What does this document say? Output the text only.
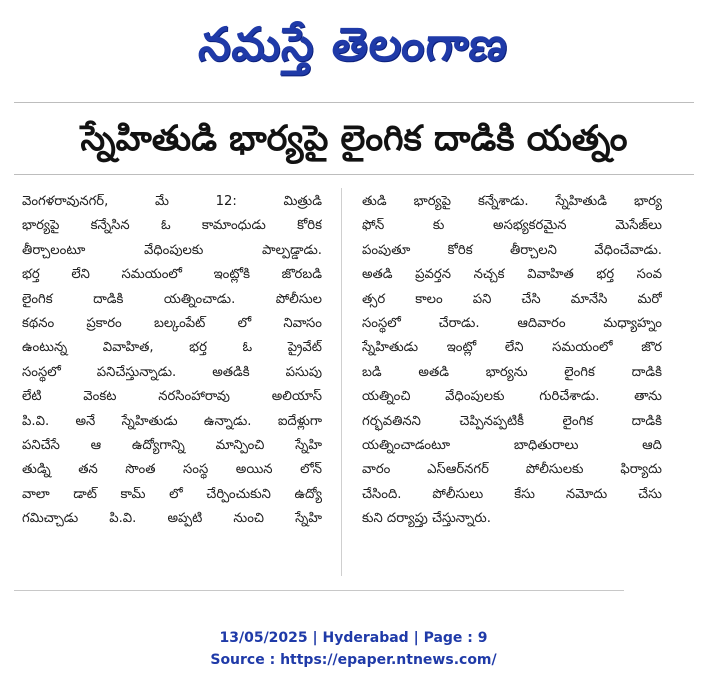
నమస్తే తెలంగాణ
స్నేహితుడి భార్యపై లైంగిక దాడికి యత్నం
వెంగళరావునగర్, మే 12: మిత్రుడి
భార్యపై కన్నేసిన ఓ కామాంధుడు కోరిక
తీర్చాలంటూ వేధింపులకు పాల్పడ్డాడు.
భర్త లేని సమయంలో ఇంట్లోకి జొరబడి
లైంగిక దాడికి యత్నించాడు. పోలీసుల
కథనం ప్రకారం బల్కంపేట్ లో నివాసం
ఉంటున్న వివాహిత, భర్త ఓ ప్రైవేట్
సంస్థలో పనిచేస్తున్నాడు. అతడికి పసుపు
లేటి వెంకట నరసింహారావు అలియాస్
పి.వి. అనే స్నేహితుడు ఉన్నాడు. ఐదేళ్లుగా
పనిచేసే ఆ ఉద్యోగాన్ని మాన్పించి స్నేహి
తుడ్ని తన సొంత సంస్థ అయిన లోన్
వాలా డాట్ కామ్ లో చేర్పించుకుని ఉద్యో
గమిచ్చాడు పి.వి. అప్పటి నుంచి స్నేహి
తుడి భార్యపై కన్నేశాడు. స్నేహితుడి భార్య
ఫోన్ కు అసభ్యకరమైన మెసేజ్‌లు
పంపుతూ కోరిక తీర్చాలని వేధించేవాడు.
అతడి ప్రవర్తన నచ్చక వివాహిత భర్త సంవ
త్సర కాలం పని చేసి మానేసి మరో
సంస్థలో చేరాడు. ఆదివారం మధ్యాహ్నం
స్నేహితుడు ఇంట్లో లేని సమయంలో జొర
బడి అతడి భార్యను లైంగిక దాడికి
యత్నించి వేధింపులకు గురిచేశాడు. తాను
గర్భవతినని చెప్పినప్పటికీ లైంగిక దాడికి
యత్నించాడంటూ బాధితురాలు ఆది
వారం ఎస్ఆర్‌నగర్ పోలీసులకు ఫిర్యాదు
చేసింది. పోలీసులు కేసు నమోదు చేసు
కుని దర్యాప్తు చేస్తున్నారు.
13/05/2025 | Hyderabad | Page : 9
Source : https://epaper.ntnews.com/
